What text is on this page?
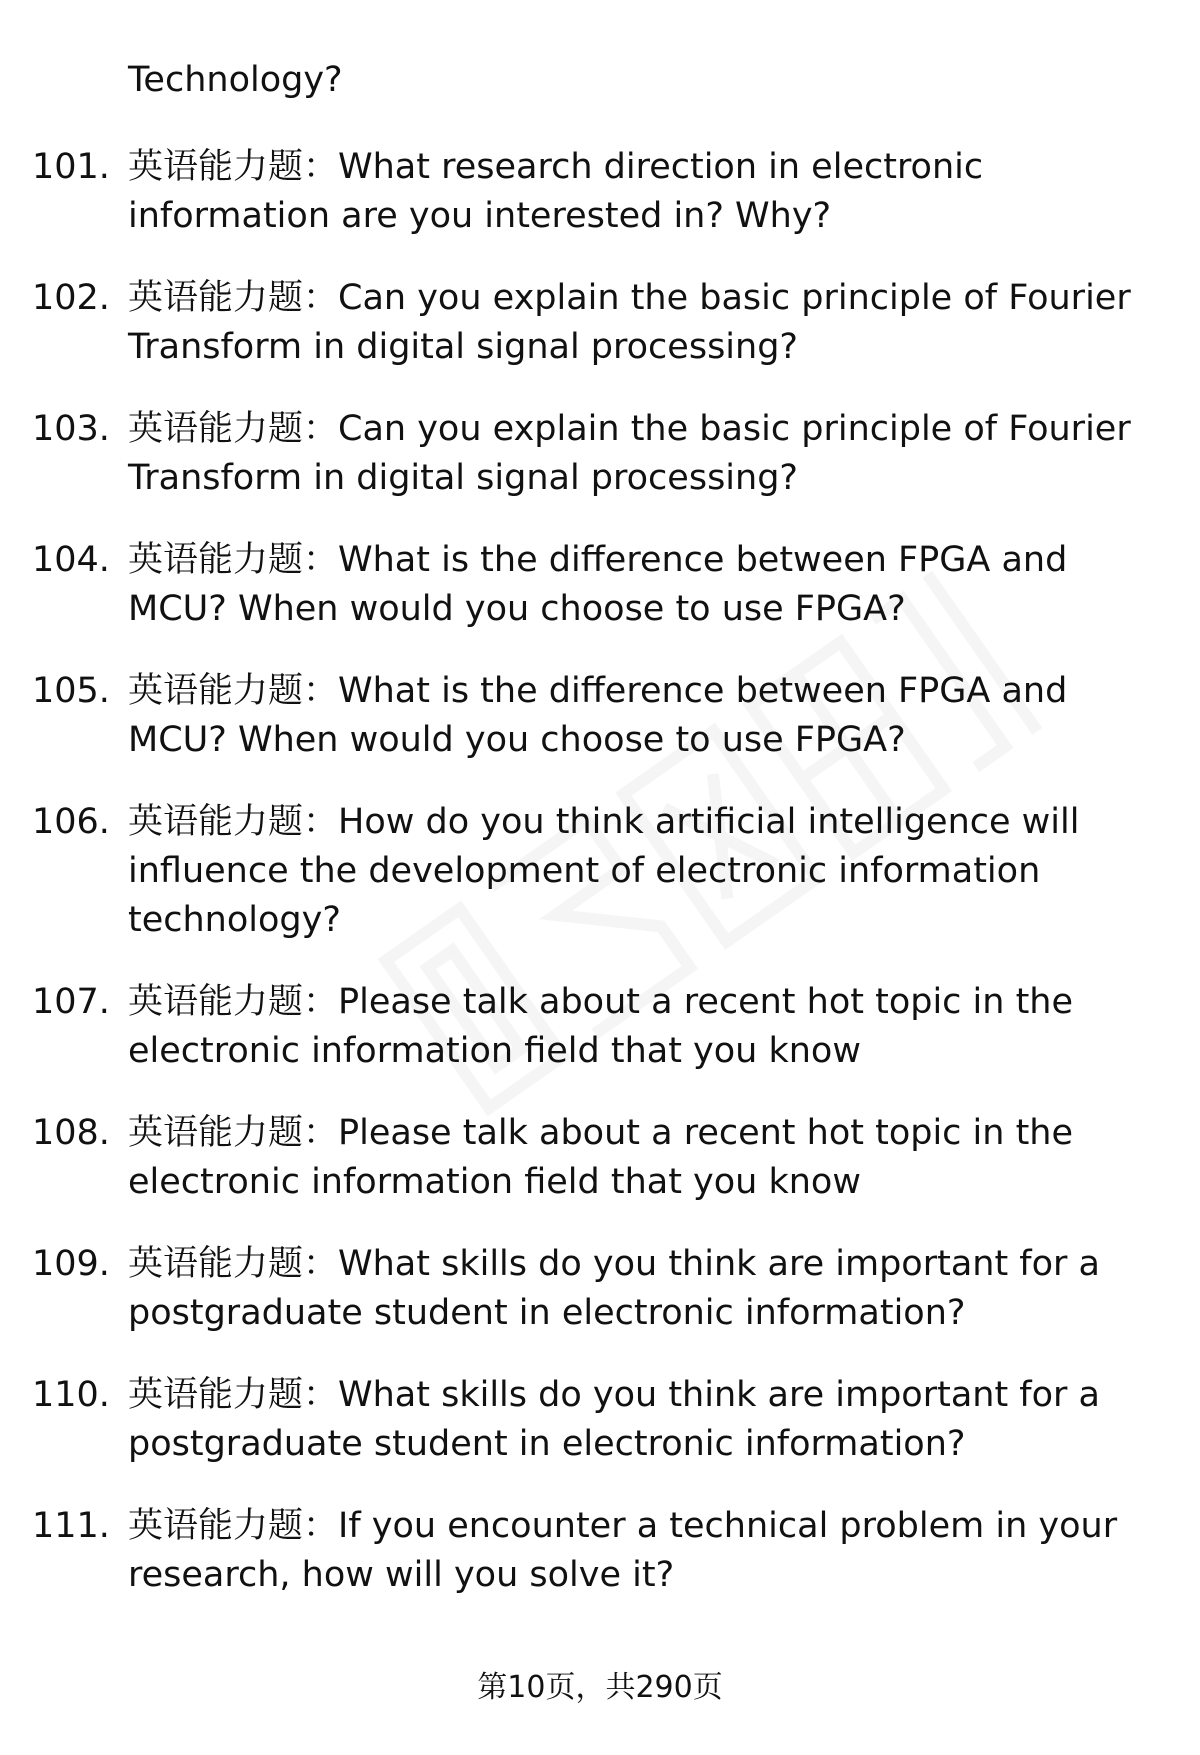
Technology?
101. 英语能力题：What research direction in electronic information are you interested in? Why?
102. 英语能力题：Can you explain the basic principle of Fourier Transform in digital signal processing?
103. 英语能力题：Can you explain the basic principle of Fourier Transform in digital signal processing?
104. 英语能力题：What is the difference between FPGA and MCU? When would you choose to use FPGA?
105. 英语能力题：What is the difference between FPGA and MCU? When would you choose to use FPGA?
106. 英语能力题：How do you think artificial intelligence will influence the development of electronic information technology?
107. 英语能力题：Please talk about a recent hot topic in the electronic information field that you know
108. 英语能力题：Please talk about a recent hot topic in the electronic information field that you know
109. 英语能力题：What skills do you think are important for a postgraduate student in electronic information?
110. 英语能力题：What skills do you think are important for a postgraduate student in electronic information?
111. 英语能力题：If you encounter a technical problem in your research, how will you solve it?
第10页，共290页
